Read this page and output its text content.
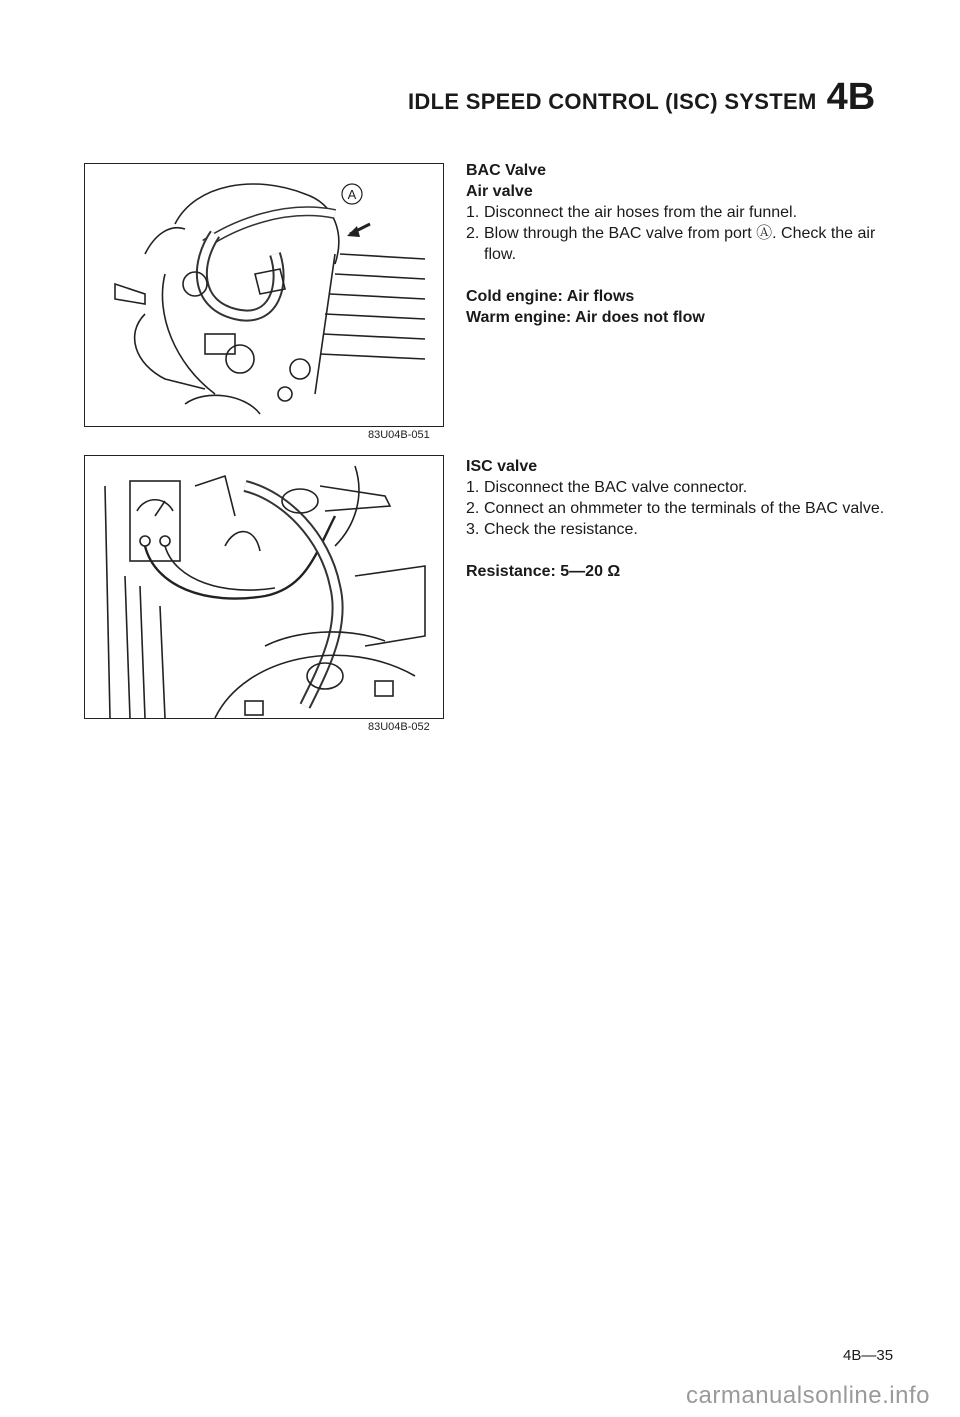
IDLE SPEED CONTROL (ISC) SYSTEM 4B
A
83U04B-051
83U04B-052
BAC Valve
Air valve
1. Disconnect the air hoses from the air funnel.
2. Blow through the BAC valve from port Ⓐ. Check the air flow.
Cold engine: Air flows
Warm engine: Air does not flow
ISC valve
1. Disconnect the BAC valve connector.
2. Connect an ohmmeter to the terminals of the BAC valve.
3. Check the resistance.
Resistance: 5—20 Ω
4B—35
carmanualsonline.info
